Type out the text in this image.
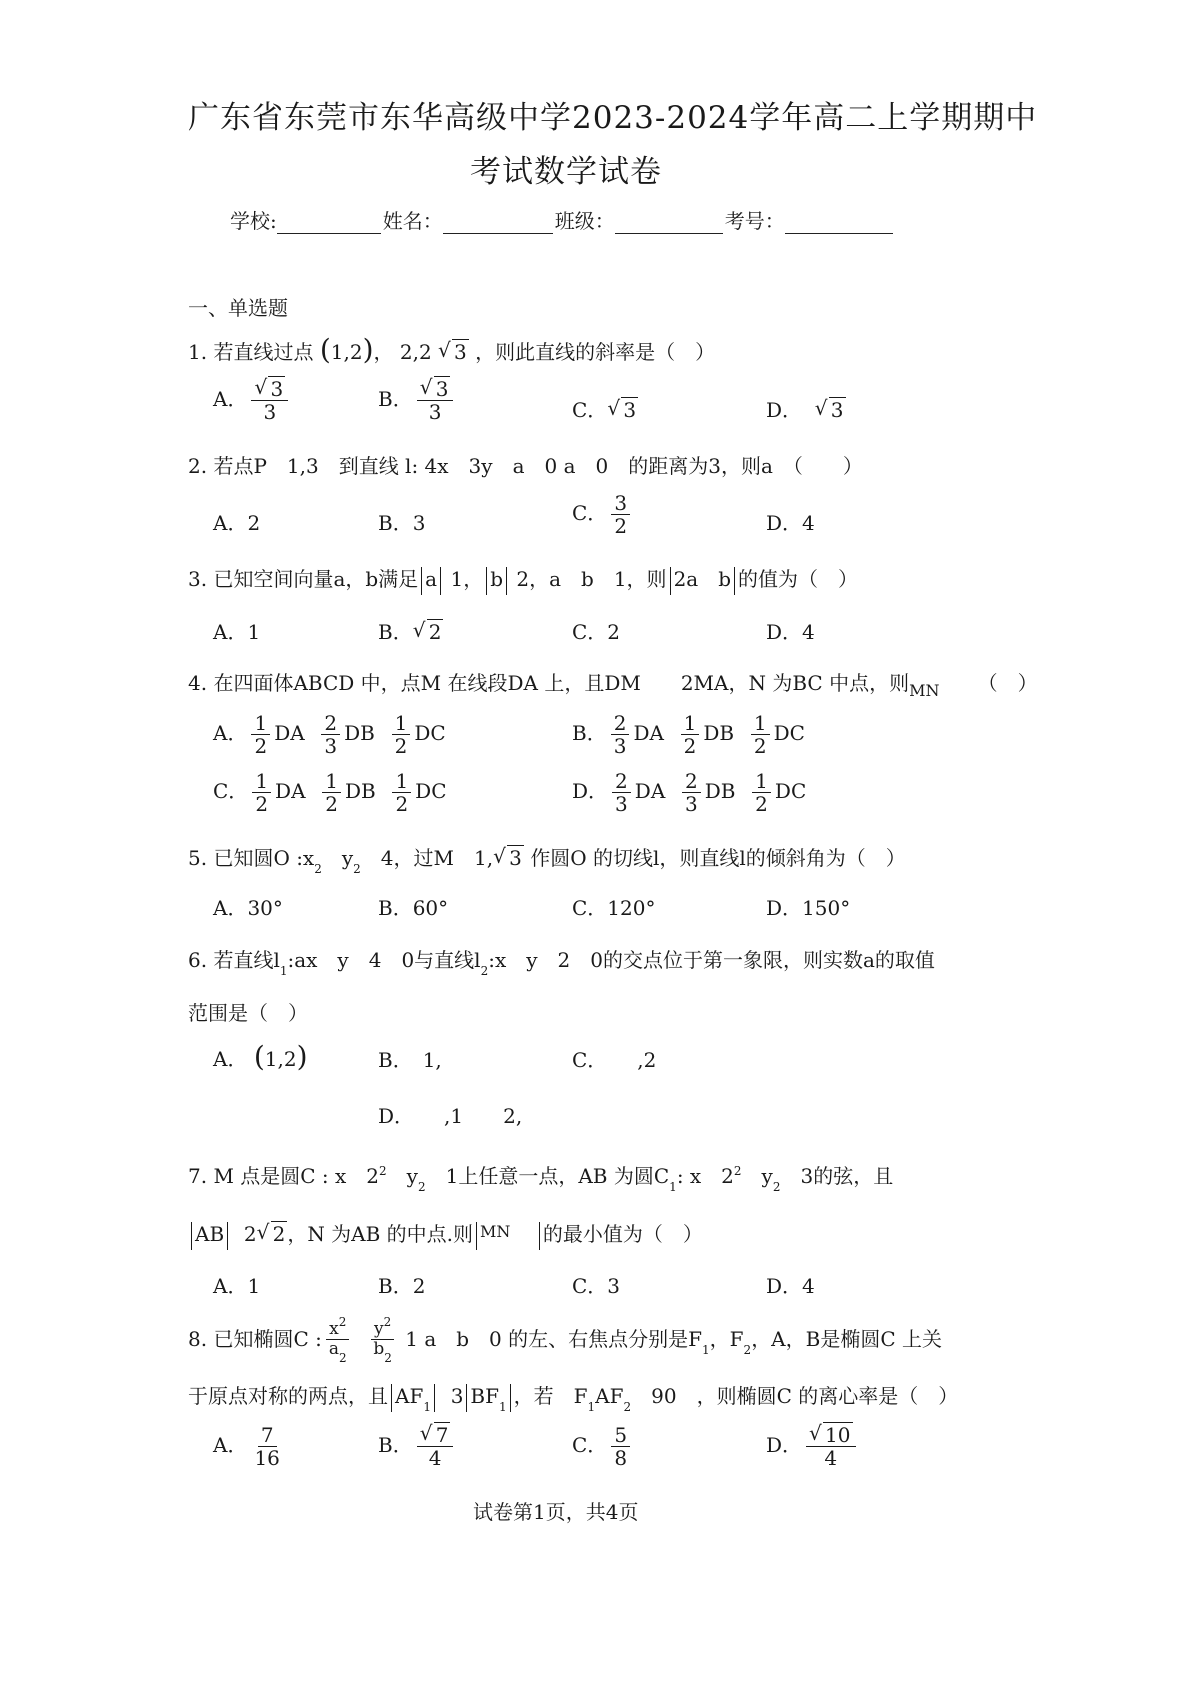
广东省东莞市东华高级中学2023-2024学年高二上学期期中
考试数学试卷
学校:	姓名：	班级：	考号：
一、单选题
1. 若直线过点 (1,2)， 2,2 √ 3 ，则此直线的斜率是（　）
A． √ $\frac{3}{3}$	B． √ $\frac{3}{3}$	C． √ 3	D． √ 3
2. 若点P　1,3　到直线 l: 4x　3y　a　0 a　0　的距离为3，则a　（　　）
A．2	B．3	C． $\frac{3}{2}$	D．4
3. 已知空间向量a，b满足 a 1， b 2，a　b　1，则 2a　b 的值为（　）
A．1	B． √ 2	C．2	D．4
4. 在四面体ABCD 中，点M 在线段DA 上，且DM　　2MA，N 为BC 中点，则$_{MN}$ （　）
A． $\frac{1}{2}$ DA $\frac{2}{3}$ DB $\frac{1}{2}$ DC	B． $\frac{2}{3}$ DA $\frac{1}{2}$ DB $\frac{1}{2}$ DC
C． $\frac{1}{2}$ DA $\frac{1}{2}$ DB $\frac{1}{2}$ DC	D． $\frac{2}{3}$ DA $\frac{2}{3}$ DB $\frac{1}{2}$ DC
5. 已知圆O $:x_2$　$y_2$　4，过M　1, √ 3 作圆O 的切线l，则直线l的倾斜角为（　）
A．30°	B．60°	C．120°	D．150°
6. 若直线$l_1:ax$　y　4　0与直线$l_2:x$　y　2　0的交点位于第一象限，则实数a的取值
范围是（　）
A． (1,2)	B．　1,	C．　　,2
D．　　,1　　2,
7. M 点是圆C : x　$2^2$　$y_2$　1上任意一点，AB 为圆$C_1$: x　$2^2$　$y_2$　3的弦，且
AB 2 √ 2 ，N 为AB 的中点.则 $^{MN}$ 的最小值为（　）
A．1	B．2	C．3	D．4
8. 已知椭圆C : $\frac{x^2}{a_2}$
$\frac{y^2}{b_2} 1$ a　b　0 的左、右焦点分别是$F_1$，$F_2$，A，B是椭圆C 上关
于原点对称的两点，且 $AF_1$ 3 $BF_1$ ，若　$F_1AF_2$　90　，则椭圆C 的离心率是（　）
A． $\frac{7}{16}$	B． √ $\frac{7}{4}$	C． $\frac{5}{8}$	D． √ $\frac{10}{4}$
试卷第1页，共4页
